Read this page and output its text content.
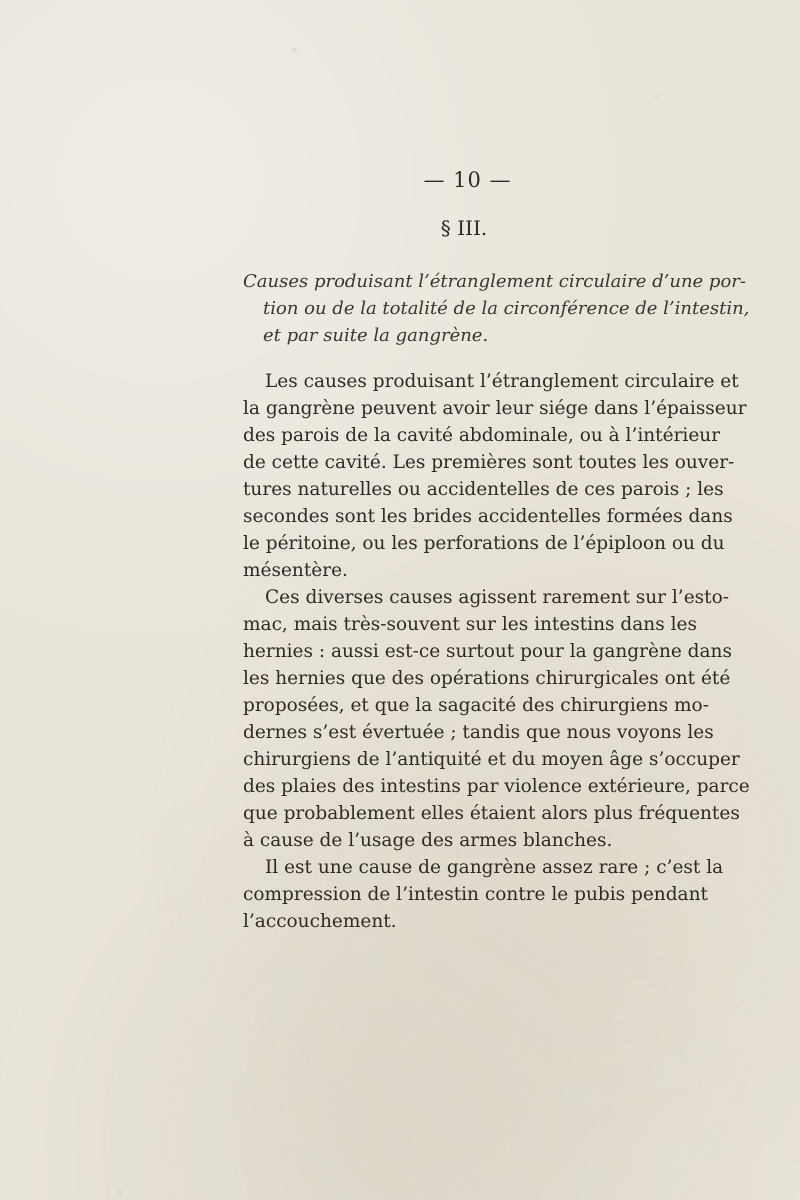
— 10 —
§ III.
Causes produisant l’étranglement circulaire d’une por-
tion ou de la totalité de la circonférence de l’intestin,
et par suite la gangrène.
Les causes produisant l’étranglement circulaire et
la gangrène peuvent avoir leur siége dans l’épaisseur
des parois de la cavité abdominale, ou à l’intérieur
de cette cavité. Les premières sont toutes les ouver-
tures naturelles ou accidentelles de ces parois ; les
secondes sont les brides accidentelles formées dans
le péritoine, ou les perforations de l’épiploon ou du
mésentère.
Ces diverses causes agissent rarement sur l’esto-
mac, mais très-souvent sur les intestins dans les
hernies : aussi est-ce surtout pour la gangrène dans
les hernies que des opérations chirurgicales ont été
proposées, et que la sagacité des chirurgiens mo-
dernes s’est évertuée ; tandis que nous voyons les
chirurgiens de l’antiquité et du moyen âge s’occuper
des plaies des intestins par violence extérieure, parce
que probablement elles étaient alors plus fréquentes
à cause de l’usage des armes blanches.
Il est une cause de gangrène assez rare ; c’est la
compression de l’intestin contre le pubis pendant
l’accouchement.
